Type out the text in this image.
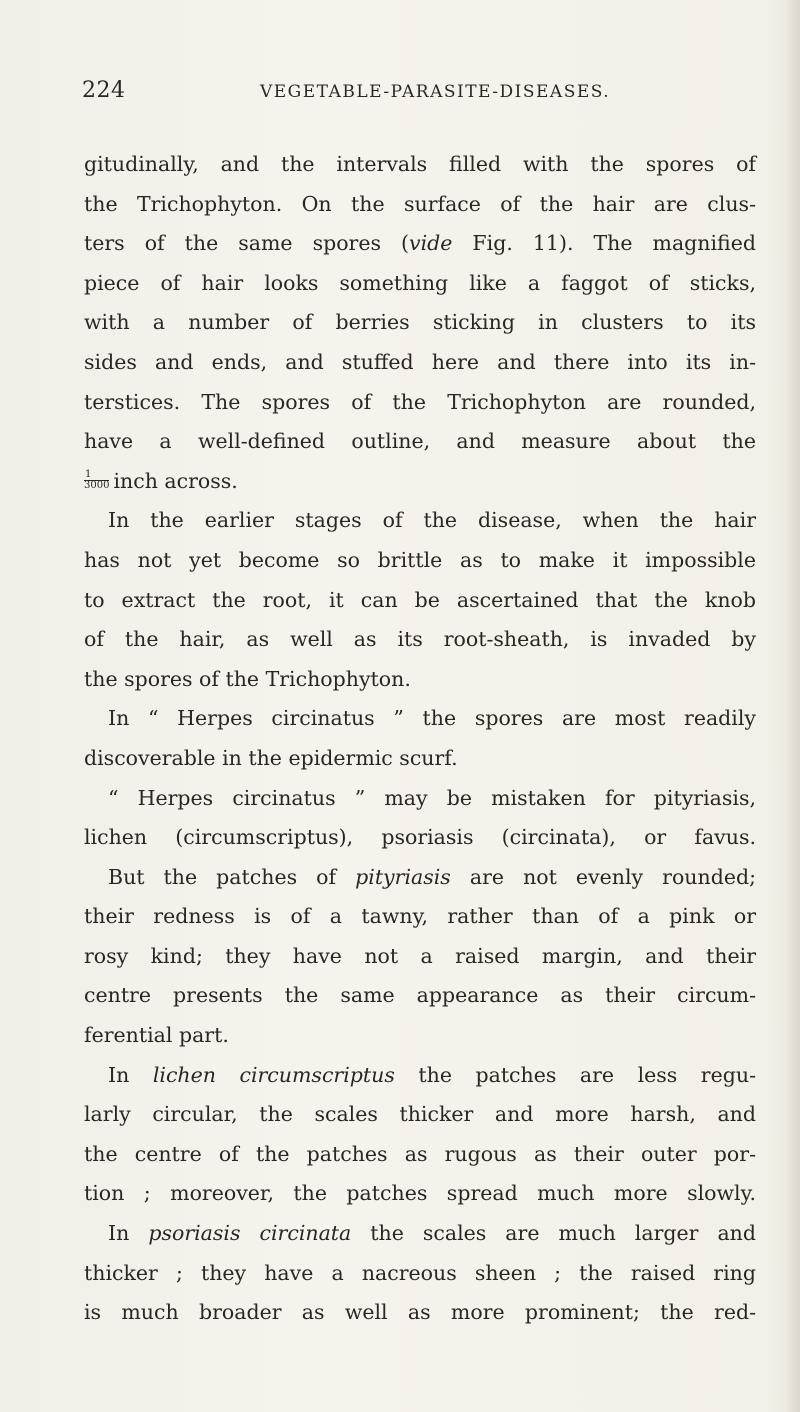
224	VEGETABLE-PARASITE-DISEASES.
gitudinally, and the intervals filled with the spores of
the Trichophyton. On the surface of the hair are clus-
ters of the same spores (vide Fig. 11). The magnified
piece of hair looks something like a faggot of sticks,
with a number of berries sticking in clusters to its
sides and ends, and stuffed here and there into its in-
terstices. The spores of the Trichophyton are rounded,
have a well-defined outline, and measure about the
$\frac{1}{3000}$ inch across.
In the earlier stages of the disease, when the hair
has not yet become so brittle as to make it impossible
to extract the root, it can be ascertained that the knob
of the hair, as well as its root-sheath, is invaded by
the spores of the Trichophyton.
In “ Herpes circinatus ” the spores are most readily
discoverable in the epidermic scurf.
“ Herpes circinatus ” may be mistaken for pityriasis,
lichen (circumscriptus), psoriasis (circinata), or favus.
But the patches of pityriasis are not evenly rounded;
their redness is of a tawny, rather than of a pink or
rosy kind; they have not a raised margin, and their
centre presents the same appearance as their circum-
ferential part.
In lichen circumscriptus the patches are less regu-
larly circular, the scales thicker and more harsh, and
the centre of the patches as rugous as their outer por-
tion ; moreover, the patches spread much more slowly.
In psoriasis circinata the scales are much larger and
thicker ; they have a nacreous sheen ; the raised ring
is much broader as well as more prominent; the red-
